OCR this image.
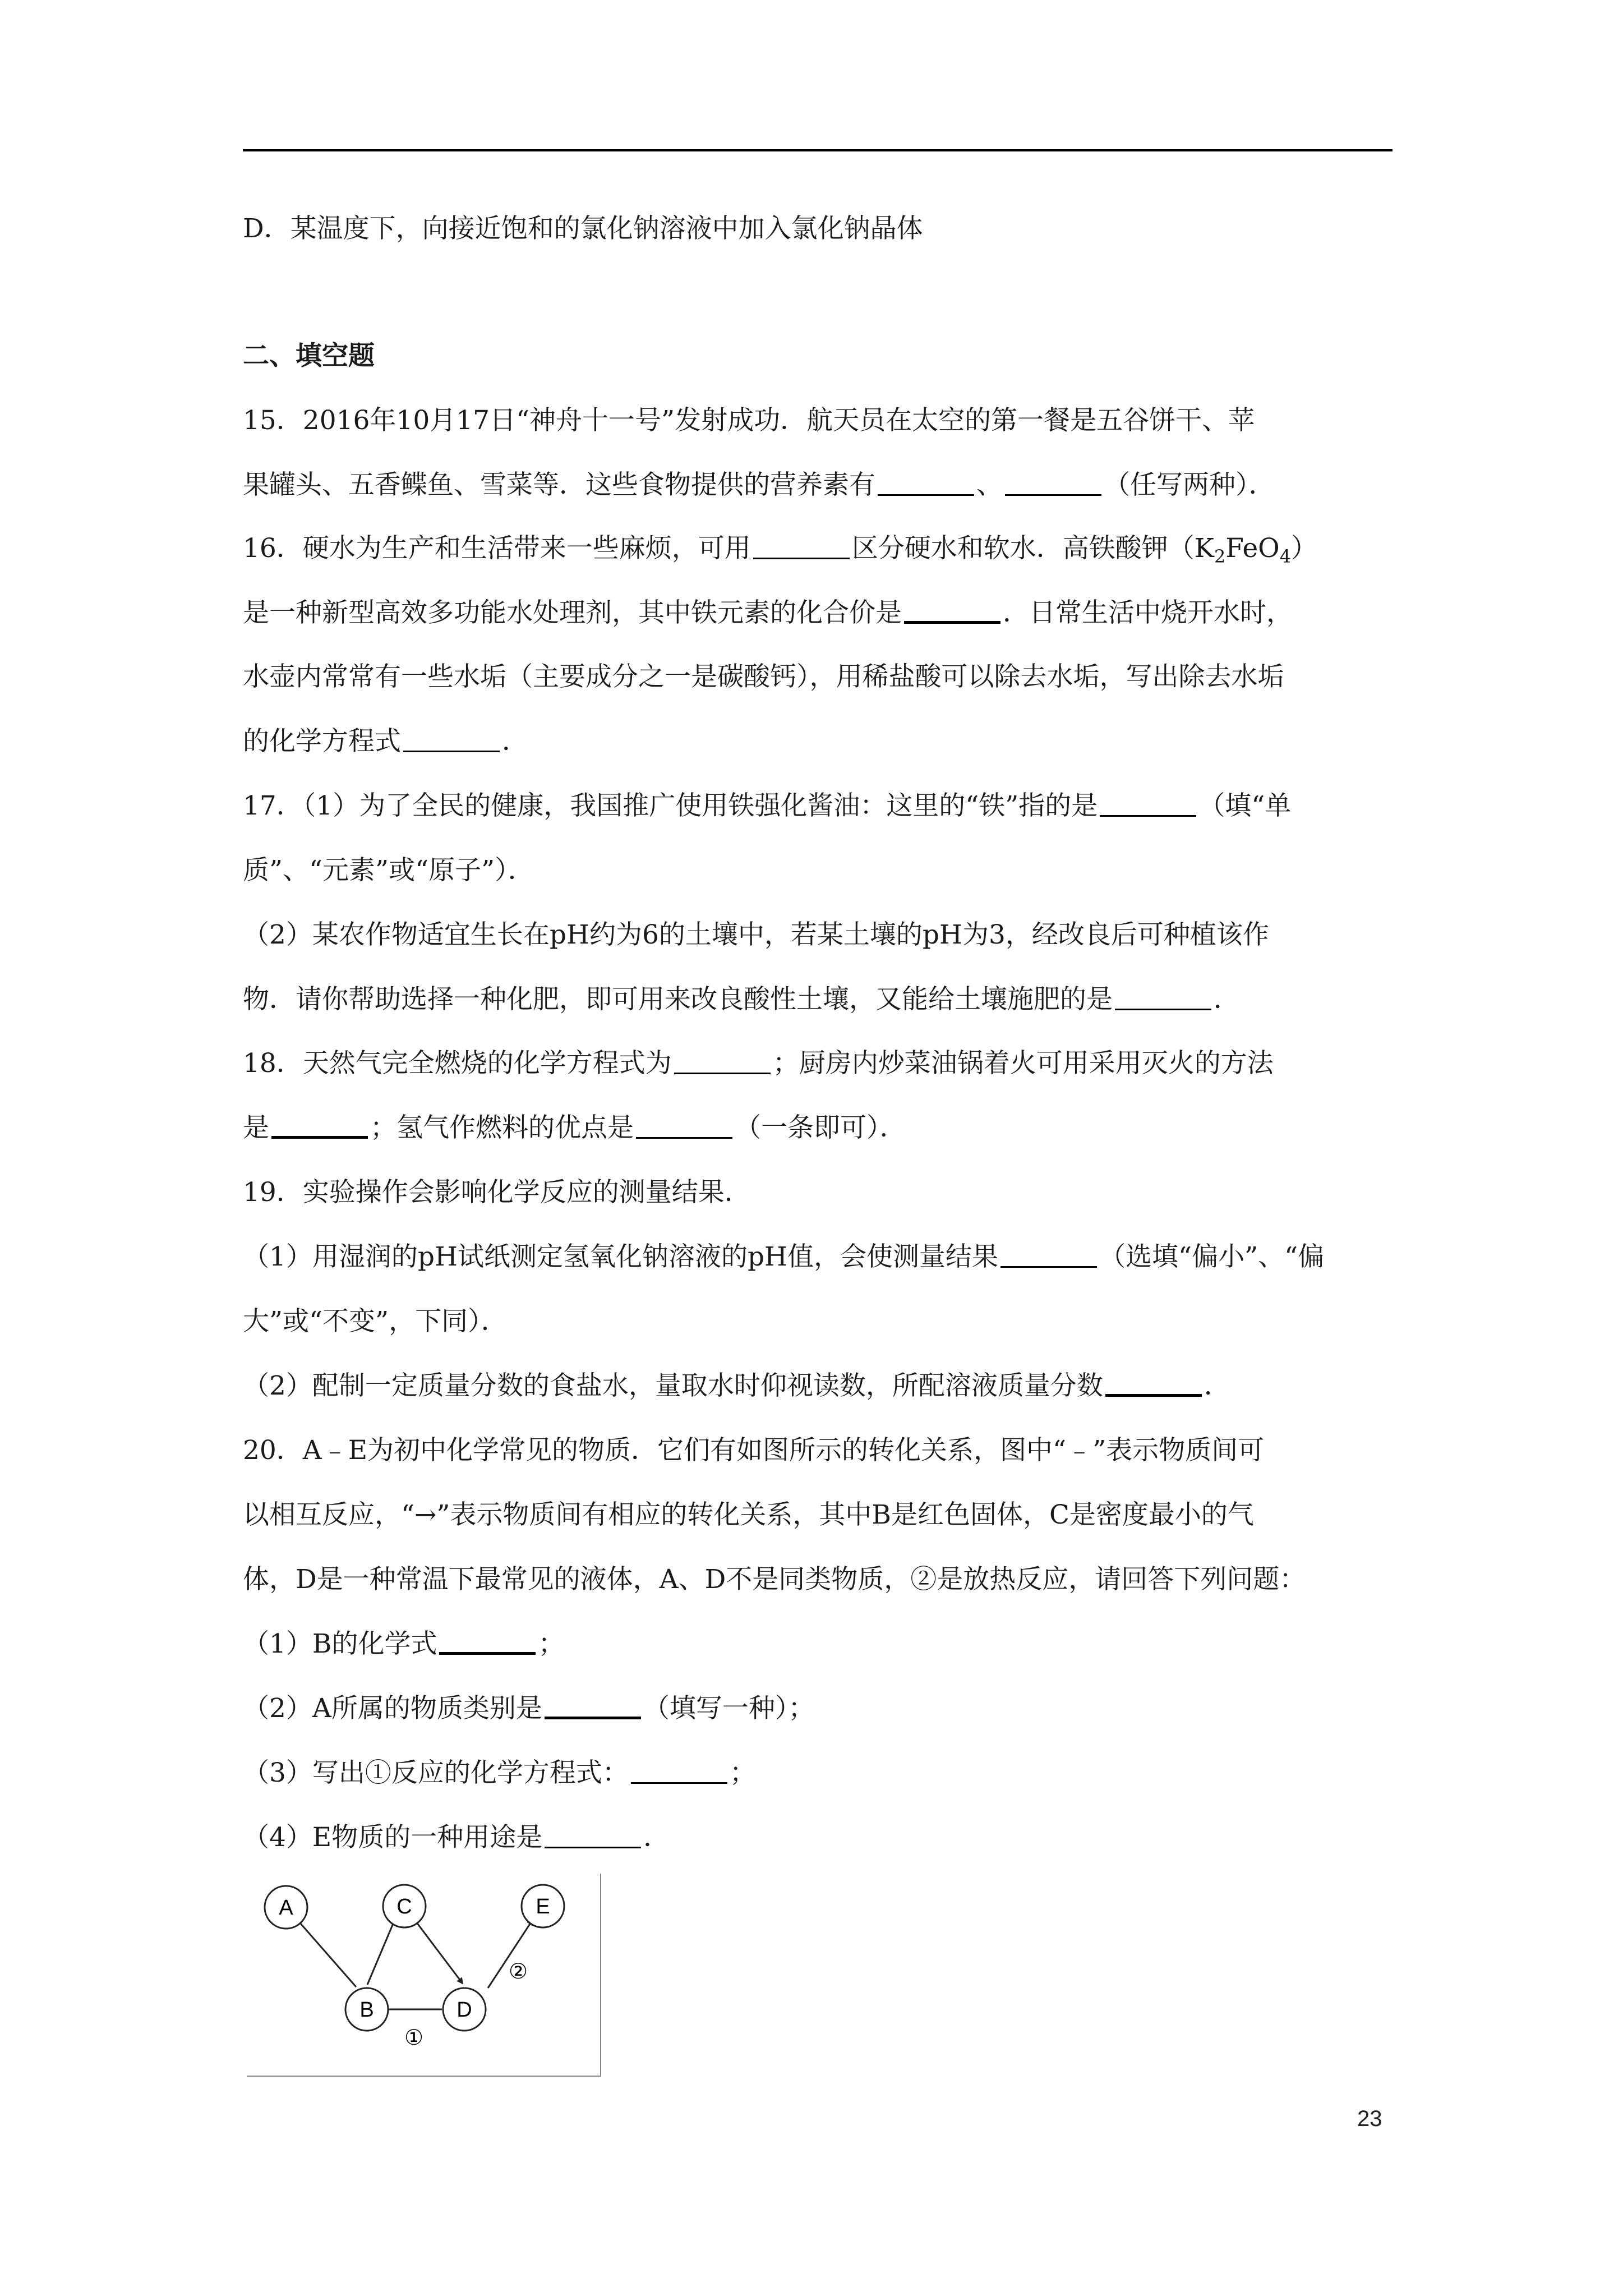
D．某温度下，向接近饱和的氯化钠溶液中加入氯化钠晶体
二、填空题
15．2016年10月17日“神舟十一号”发射成功．航天员在太空的第一餐是五谷饼干、苹
果罐头、五香鲽鱼、雪菜等．这些食物提供的营养素有	、	（任写两种）．
16．硬水为生产和生活带来一些麻烦，可用	区分硬水和软水．高铁酸钾$(K_2FeO_4)$
是一种新型高效多功能水处理剂，其中铁元素的化合价是	．日常生活中烧开水时，
水壶内常常有一些水垢（主要成分之一是碳酸钙），用稀盐酸可以除去水垢，写出除去水垢
的化学方程式	．
17．（1）为了全民的健康，我国推广使用铁强化酱油：这里的“铁”指的是	（填“单
质”、“元素”或“原子”）．
（2）某农作物适宜生长在pH约为6的土壤中，若某土壤的pH为3，经改良后可种植该作
物．请你帮助选择一种化肥，即可用来改良酸性土壤，又能给土壤施肥的是	．
18．天然气完全燃烧的化学方程式为	；厨房内炒菜油锅着火可用采用灭火的方法
是	；氢气作燃料的优点是	（一条即可）．
19．实验操作会影响化学反应的测量结果．
（1）用湿润的pH试纸测定氢氧化钠溶液的pH值，会使测量结果	（选填“偏小”、“偏
大”或“不变”，下同）．
（2）配制一定质量分数的食盐水，量取水时仰视读数，所配溶液质量分数	．
20．A﹣E为初中化学常见的物质．它们有如图所示的转化关系，图中“﹣”表示物质间可
以相互反应，“→”表示物质间有相应的转化关系，其中B是红色固体，C是密度最小的气
体，D是一种常温下最常见的液体，A、D不是同类物质，②是放热反应，请回答下列问题：
（1）B的化学式	；
（2）A所属的物质类别是	（填写一种）；
（3）写出①反应的化学方程式：	；
（4）E物质的一种用途是	．
A	C	E
B	D
①
②
23
